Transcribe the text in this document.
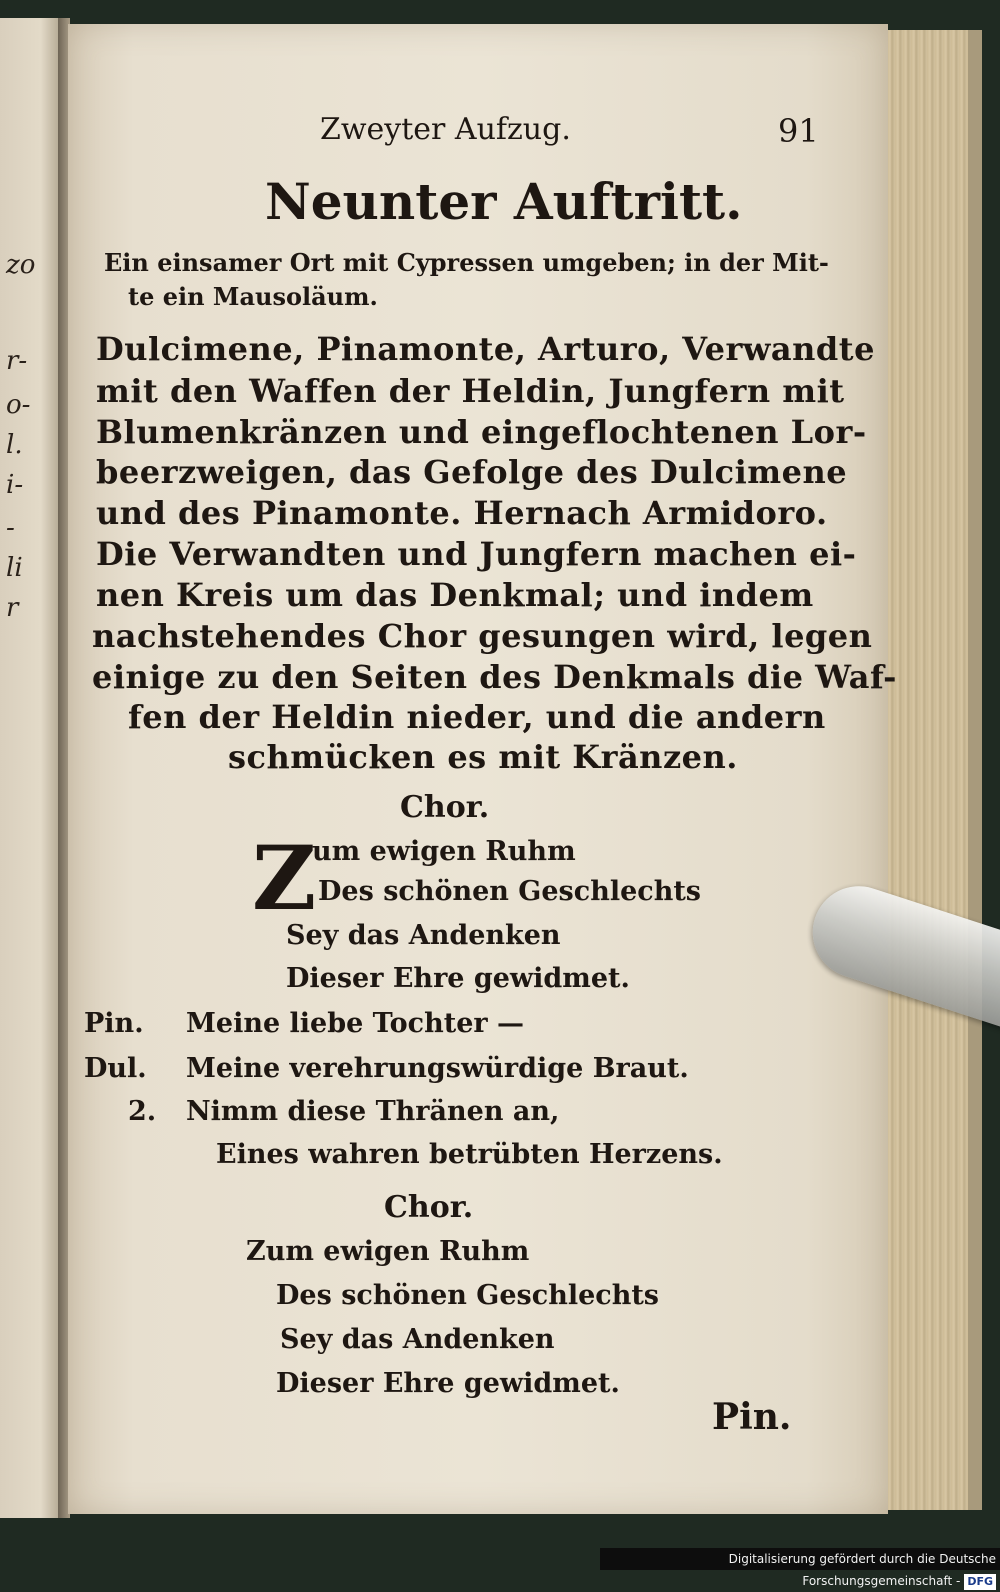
zo
r-
o-
l.
i-
-
li
r
Zweyter Aufzug.	91
Neunter Auftritt.
Ein einsamer Ort mit Cypressen umgeben; in der Mit-
te ein Mausoläum.
Dulcimene, Pinamonte, Arturo, Verwandte
mit den Waffen der Heldin, Jungfern mit
Blumenkränzen und eingeflochtenen Lor-
beerzweigen, das Gefolge des Dulcimene
und des Pinamonte. Hernach Armidoro.
Die Verwandten und Jungfern machen ei-
nen Kreis um das Denkmal; und indem
nachstehendes Chor gesungen wird, legen
einige zu den Seiten des Denkmals die Waf-
fen der Heldin nieder, und die andern
schmücken es mit Kränzen.
Chor.
Z
um ewigen Ruhm
Des schönen Geschlechts
Sey das Andenken
Dieser Ehre gewidmet.
Pin. Meine liebe Tochter —
Dul. Meine verehrungswürdige Braut.
2. Nimm diese Thränen an,
Eines wahren betrübten Herzens.
Chor.
Zum ewigen Ruhm
Des schönen Geschlechts
Sey das Andenken
Dieser Ehre gewidmet.
Pin.
Digitalisierung gefördert durch die Deutsche Forschungsgemeinschaft - DFG
